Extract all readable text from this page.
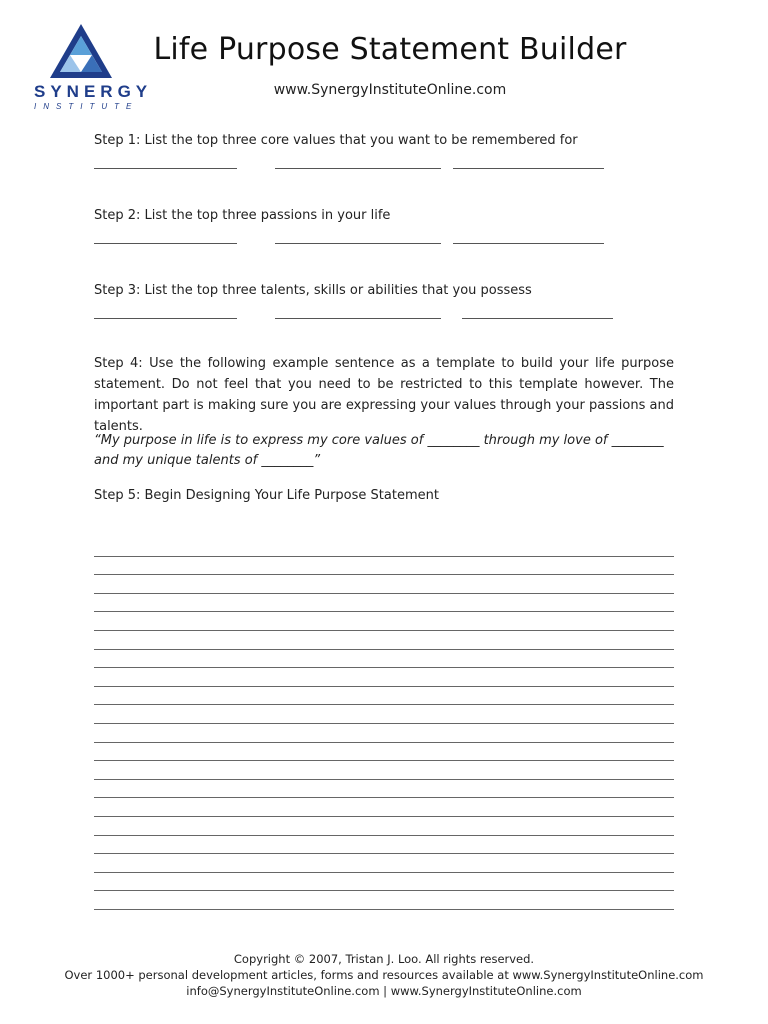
SYNERGY
INSTITUTE
Life Purpose Statement Builder
www.SynergyInstituteOnline.com
Step 1: List the top three core values that you want to be remembered for
Step 2: List the top three passions in your life
Step 3: List the top three talents, skills or abilities that you possess
Step 4: Use the following example sentence as a template to build your life purpose statement. Do not feel that you need to be restricted to this template however. The important part is making sure you are expressing your values through your passions and talents.
“My purpose in life is to express my core values of ________ through my love of ________
and my unique talents of ________”
Step 5: Begin Designing Your Life Purpose Statement
Copyright © 2007, Tristan J. Loo. All rights reserved.
Over 1000+ personal development articles, forms and resources available at www.SynergyInstituteOnline.com
info@SynergyInstituteOnline.com | www.SynergyInstituteOnline.com
